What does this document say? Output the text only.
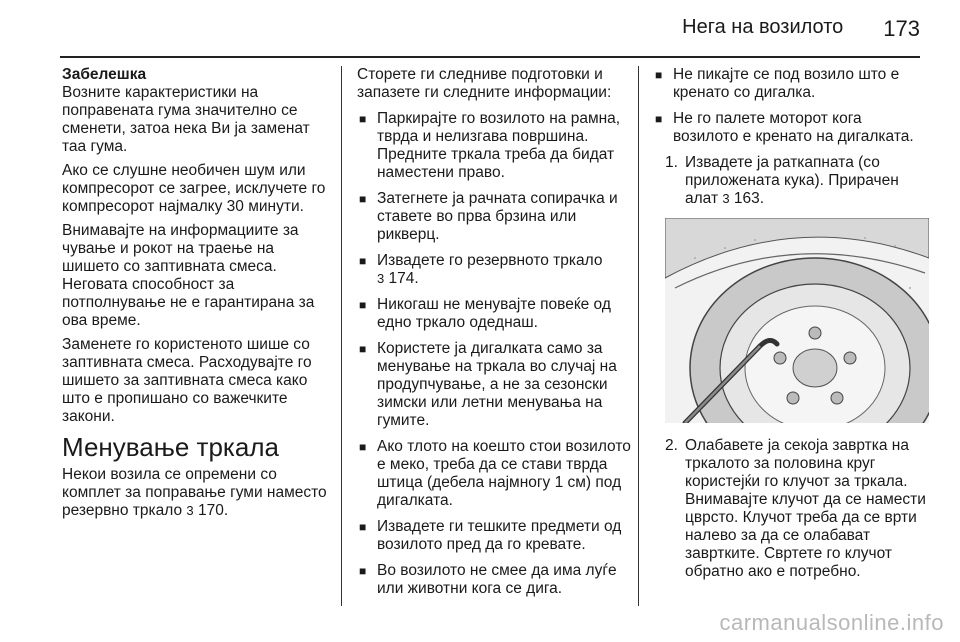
Нега на возилото 173
Забелешка

Возните карактеристики на поправената гума значително се сменети, затоа нека Ви ја заменат таа гума.

Ако се слушне необичен шум или компресорот се загрее, исклучете го компресорот најмалку 30 минути.

Внимавајте на информациите за чување и рокот на траење на шишето со заптивната смеса. Неговата способност за потполнување не е гарантирана за ова време.

Заменете го користеното шише со заптивната смеса. Расходувајте го шишето за заптивната смеса како што е пропишано со важечките закони.

Менување тркала

Некои возила се опремени со комплет за поправање гуми наместо резервно тркало 3 170.

Сторете ги следниве подготовки и запазете ги следните информации:

■ Паркирајте го возилото на рамна, тврда и нелизгава површина. Предните тркала треба да бидат наместени право.
■ Затегнете ја рачната сопирачка и ставете во прва брзина или рикверц.
■ Извадете го резервното тркало
3 174.
■ Никогаш не менувајте повеќе од едно тркало одеднаш.
■ Користете ја дигалката само за менување на тркала во случај на продупчување, а не за сезонски зимски или летни менувања на гумите.
■ Ако тлото на коешто стои возилото е меко, треба да се стави тврда штица (дебела најмногу 1 см) под дигалката.
■ Извадете ги тешките предмети од возилото пред да го кревате.
■ Во возилото не смее да има луѓе или животни кога се дига.
■ Не пикајте се под возило што е кренато со дигалка.
■ Не го палете моторот кога возилото е кренато на дигалката.
1. Извадете ја раткапната (со приложената кука). Прирачен алат 3 163.
2. Олабавете ја секоја завртка на тркалото за половина круг користејќи го клучот за тркала. Внимавајте клучот да се намести цврсто. Клучот треба да се врти налево за да се олабават завртките. Свртете го клучот обратно ако е потребно.
carmanualsonline.info
